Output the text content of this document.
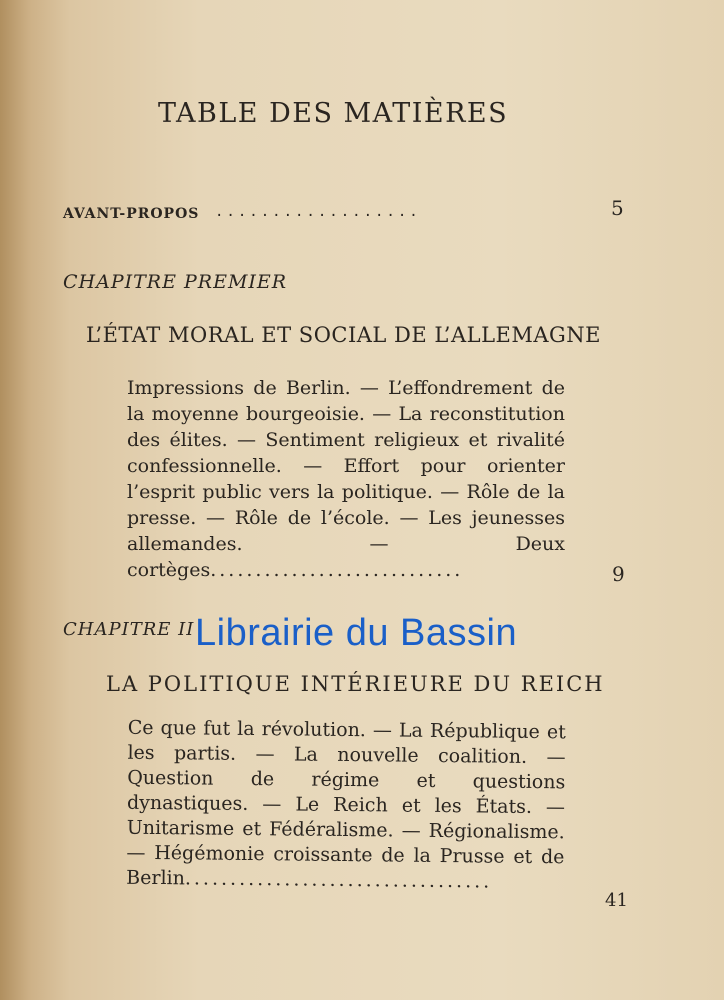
TABLE DES MATIÈRES
AVANT-PROPOS ..................	5
CHAPITRE PREMIER
L’ÉTAT MORAL ET SOCIAL DE L’ALLEMAGNE
Impressions de Berlin. — L’effondrement de la moyenne bourgeoisie. — La reconstitution des élites. — Sentiment religieux et rivalité confessionnelle. — Effort pour orienter l’esprit public vers la politique. — Rôle de la presse. — Rôle de l’école. — Les jeunesses allemandes. — Deux cortèges............................	9
CHAPITRE II
LA POLITIQUE INTÉRIEURE DU REICH
Ce que fut la révolution. — La République et les partis. — La nouvelle coalition. — Question de régime et questions dynastiques. — Le Reich et les États. — Unitarisme et Fédéralisme. — Régionalisme. — Hégémonie croissante de la Prusse et de Berlin..................................
41
Librairie du Bassin
